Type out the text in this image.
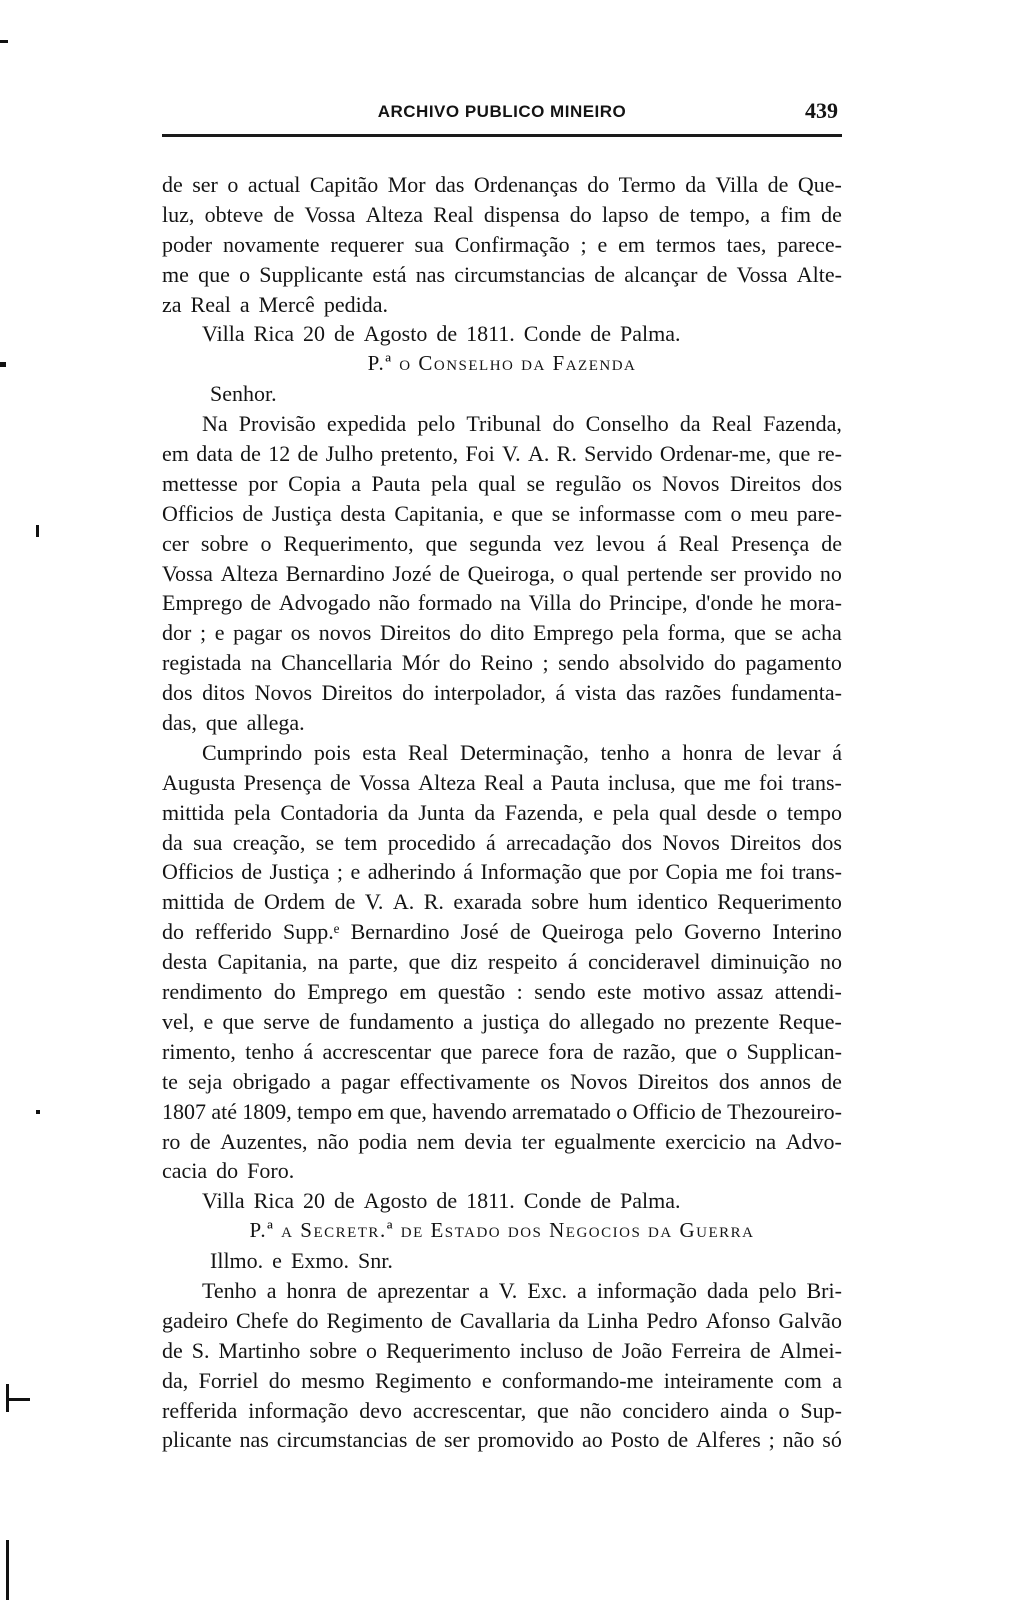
ARCHIVO PUBLICO MINEIRO	439
de ser o actual Capitão Mor das Ordenanças do Termo da Villa de Que-
luz, obteve de Vossa Alteza Real dispensa do lapso de tempo, a fim de
poder novamente requerer sua Confirmação ; e em termos taes, parece-
me que o Supplicante está nas circumstancias de alcançar de Vossa Alte-
za Real a Mercê pedida.
Villa Rica 20 de Agosto de 1811. Conde de Palma.
P.ª o Conselho da Fazenda
Senhor.
Na Provisão expedida pelo Tribunal do Conselho da Real Fazenda,
em data de 12 de Julho pretento, Foi V. A. R. Servido Ordenar-me, que re-
mettesse por Copia a Pauta pela qual se regulão os Novos Direitos dos
Officios de Justiça desta Capitania, e que se informasse com o meu pare-
cer sobre o Requerimento, que segunda vez levou á Real Presença de
Vossa Alteza Bernardino Jozé de Queiroga, o qual pertende ser provido no
Emprego de Advogado não formado na Villa do Principe, d'onde he mora-
dor ; e pagar os novos Direitos do dito Emprego pela forma, que se acha
registada na Chancellaria Mór do Reino ; sendo absolvido do pagamento
dos ditos Novos Direitos do interpolador, á vista das razões fundamenta-
das, que allega.
Cumprindo pois esta Real Determinação, tenho a honra de levar á
Augusta Presença de Vossa Alteza Real a Pauta inclusa, que me foi trans-
mittida pela Contadoria da Junta da Fazenda, e pela qual desde o tempo
da sua creação, se tem procedido á arrecadação dos Novos Direitos dos
Officios de Justiça ; e adherindo á Informação que por Copia me foi trans-
mittida de Ordem de V. A. R. exarada sobre hum identico Requerimento
do refferido Supp.ᵉ Bernardino José de Queiroga pelo Governo Interino
desta Capitania, na parte, que diz respeito á concideravel diminuição no
rendimento do Emprego em questão : sendo este motivo assaz attendi-
vel, e que serve de fundamento a justiça do allegado no prezente Reque-
rimento, tenho á accrescentar que parece fora de razão, que o Supplican-
te seja obrigado a pagar effectivamente os Novos Direitos dos annos de
1807 até 1809, tempo em que, havendo arrematado o Officio de Thezoureiro-
ro de Auzentes, não podia nem devia ter egualmente exercicio na Advo-
cacia do Foro.
Villa Rica 20 de Agosto de 1811. Conde de Palma.
P.ª a Secretr.ª de Estado dos Negocios da Guerra
Illmo. e Exmo. Snr.
Tenho a honra de aprezentar a V. Exc. a informação dada pelo Bri-
gadeiro Chefe do Regimento de Cavallaria da Linha Pedro Afonso Galvão
de S. Martinho sobre o Requerimento incluso de João Ferreira de Almei-
da, Forriel do mesmo Regimento e conformando-me inteiramente com a
refferida informação devo accrescentar, que não concidero ainda o Sup-
plicante nas circumstancias de ser promovido ao Posto de Alferes ; não só
